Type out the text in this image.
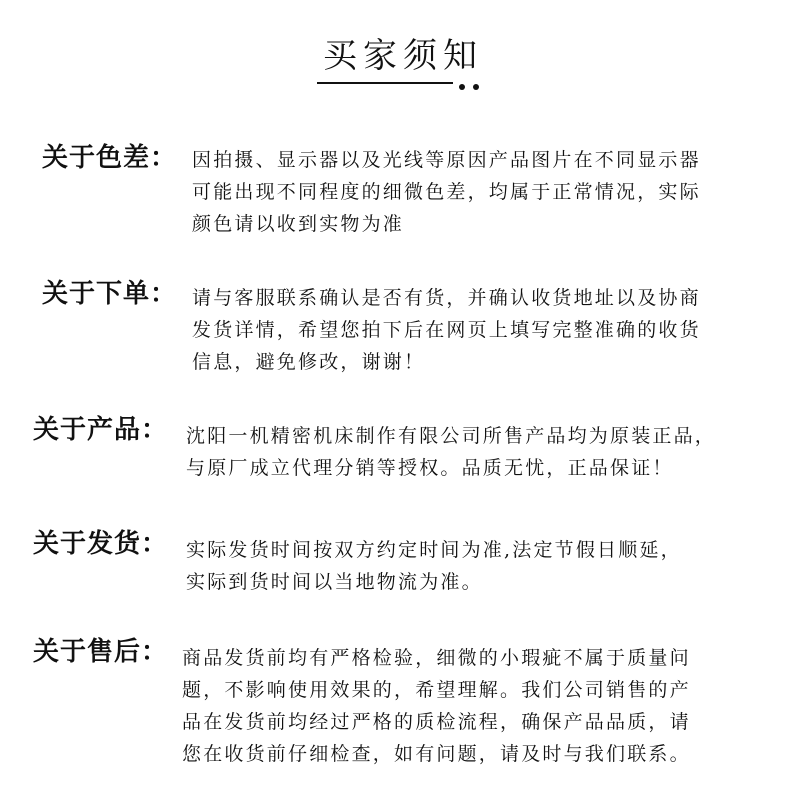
买家须知
关于色差： 因拍摄、显示器以及光线等原因产品图片在不同显示器
可能出现不同程度的细微色差，均属于正常情况，实际
颜色请以收到实物为准
关于下单： 请与客服联系确认是否有货，并确认收货地址以及协商
发货详情，希望您拍下后在网页上填写完整准确的收货
信息，避免修改，谢谢！
关于产品： 沈阳一机精密机床制作有限公司所售产品均为原装正品，
与原厂成立代理分销等授权。品质无忧，正品保证！
关于发货： 实际发货时间按双方约定时间为准,法定节假日顺延，
实际到货时间以当地物流为准。
关于售后： 商品发货前均有严格检验，细微的小瑕疵不属于质量问
题，不影响使用效果的，希望理解。我们公司销售的产
品在发货前均经过严格的质检流程，确保产品品质，请
您在收货前仔细检查，如有问题，请及时与我们联系。
